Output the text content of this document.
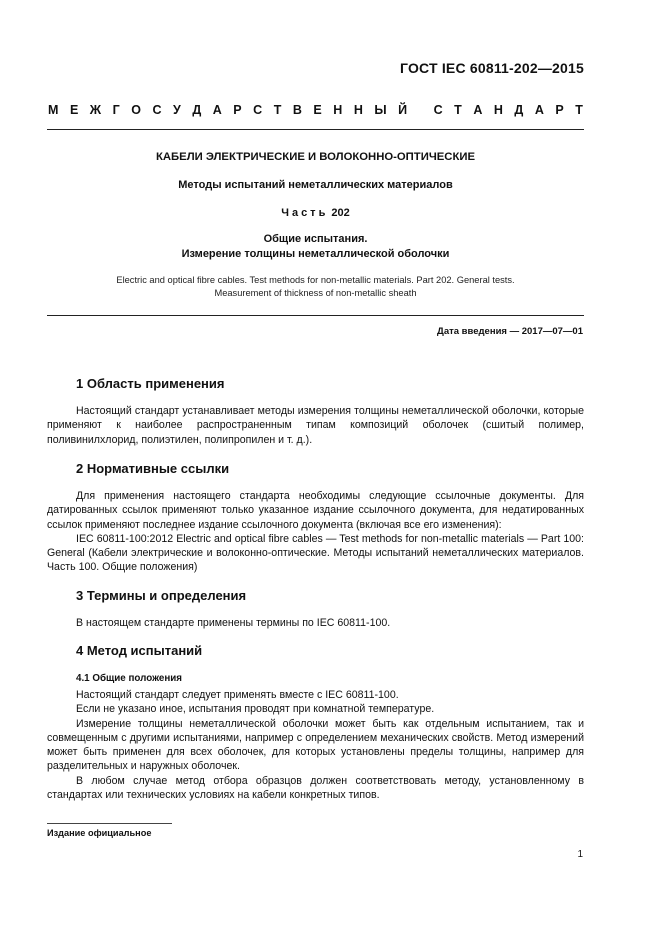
ГОСТ IEC 60811-202—2015
М Е Ж Г О С У Д А Р С Т В Е Н Н Ы Й
С Т А Н Д А Р Т
КАБЕЛИ ЭЛЕКТРИЧЕСКИЕ И ВОЛОКОННО-ОПТИЧЕСКИЕ
Методы испытаний неметаллических материалов
Часть 202
Общие испытания.
Измерение толщины неметаллической оболочки
Electric and optical fibre cables. Test methods for non-metallic materials. Part 202. General tests.
Measurement of thickness of non-metallic sheath
Дата введения — 2017—07—01
1 Область применения

Настоящий стандарт устанавливает методы измерения толщины неметаллической оболочки, которые применяют к наиболее распространенным типам композиций оболочек (сшитый полимер, поливинилхлорид, полиэтилен, полипропилен и т. д.).

2 Нормативные ссылки

Для применения настоящего стандарта необходимы следующие ссылочные документы. Для датированных ссылок применяют только указанное издание ссылочного документа, для недатированных ссылок применяют последнее издание ссылочного документа (включая все его изменения):

IEC 60811-100:2012 Electric and optical fibre cables — Test methods for non-metallic materials — Part 100: General (Кабели электрические и волоконно-оптические. Методы испытаний неметаллических материалов. Часть 100. Общие положения)

3 Термины и определения

В настоящем стандарте применены термины по IEC 60811-100.

4 Метод испытаний
4.1 Общие положения

Настоящий стандарт следует применять вместе с IEC 60811-100.

Если не указано иное, испытания проводят при комнатной температуре.

Измерение толщины неметаллической оболочки может быть как отдельным испытанием, так и совмещенным с другими испытаниями, например с определением механических свойств. Метод измерений может быть применен для всех оболочек, для которых установлены пределы толщины, например для разделительных и наружных оболочек.

В любом случае метод отбора образцов должен соответствовать методу, установленному в стандартах или технических условиях на кабели конкретных типов.

Издание официальное
1
